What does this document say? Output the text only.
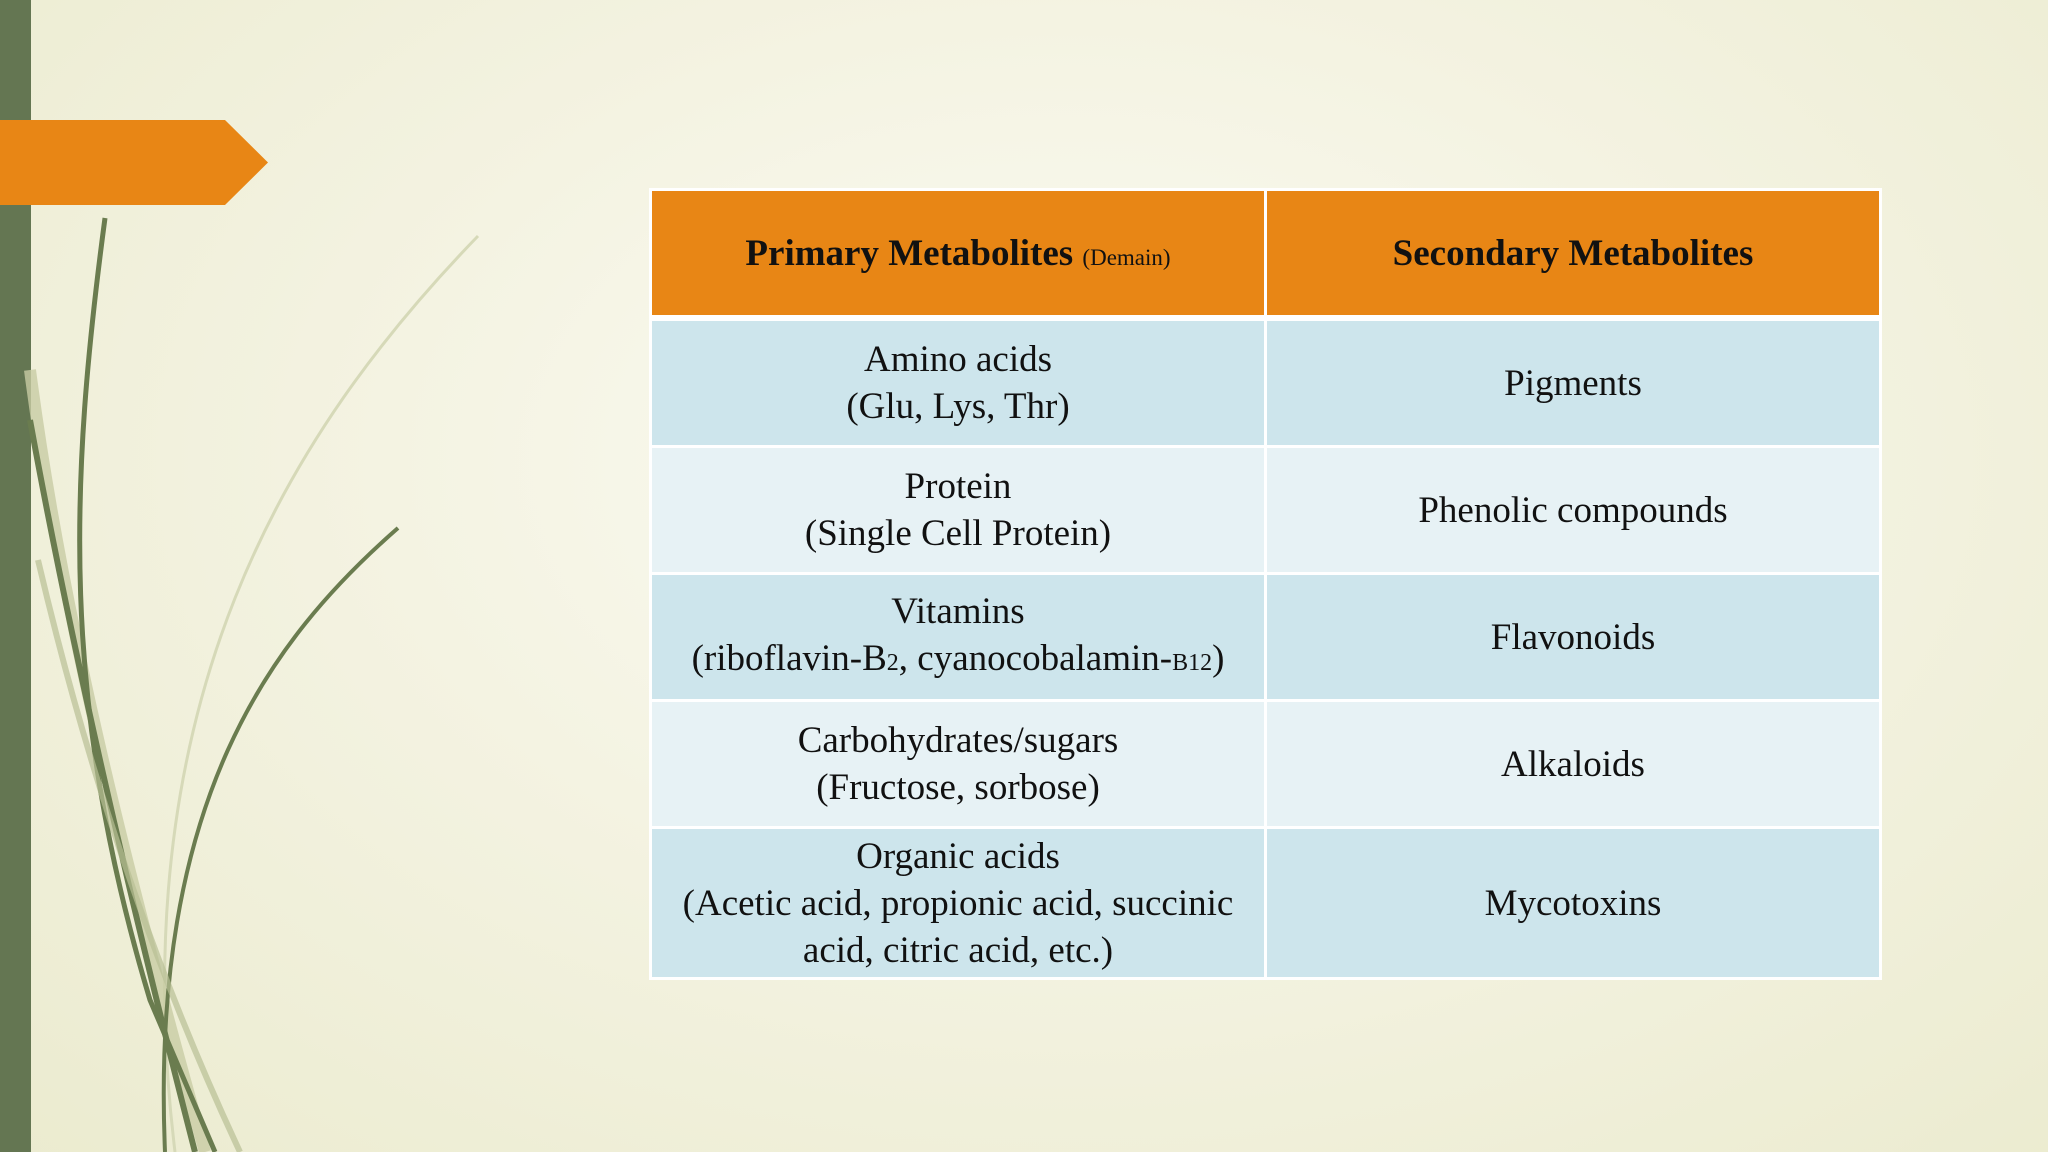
Primary Metabolites (Demain)	Secondary Metabolites

Amino acids
(Glu, Lys, Thr)	Pigments

Protein
(Single Cell Protein)	Phenolic compounds

Vitamins
(riboflavin-B2, cyanocobalamin-B12)	Flavonoids

Carbohydrates/sugars
(Fructose, sorbose)	Alkaloids

Organic acids
(Acetic acid, propionic acid, succinic
acid, citric acid, etc.)	Mycotoxins
